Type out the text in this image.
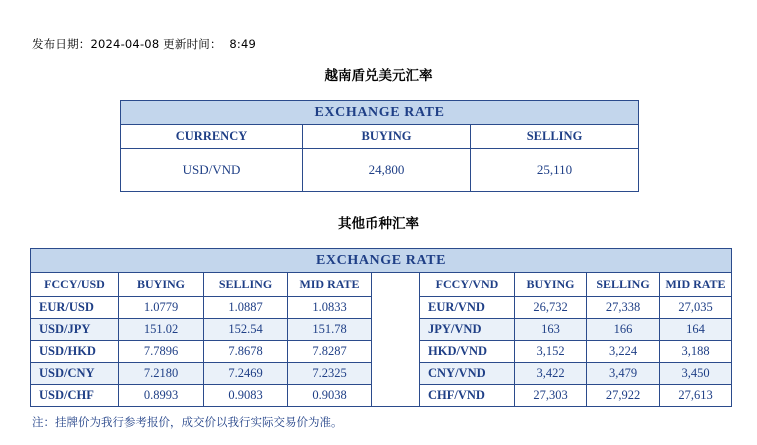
发布日期：2024-04-08 更新时间：  8:49
越南盾兑美元汇率
EXCHANGE RATE		
CURRENCY	BUYING	SELLING
USD/VND	24,800	25,110
其他币种汇率
EXCHANGE RATE								
FCCY/USD	BUYING	SELLING	MID RATE		FCCY/VND	BUYING	SELLING	MID RATE
EUR/USD	1.0779	1.0887	1.0833		EUR/VND	26,732	27,338	27,035
USD/JPY	151.02	152.54	151.78		JPY/VND	163	166	164
USD/HKD	7.7896	7.8678	7.8287		HKD/VND	3,152	3,224	3,188
USD/CNY	7.2180	7.2469	7.2325		CNY/VND	3,422	3,479	3,450
USD/CHF	0.8993	0.9083	0.9038		CHF/VND	27,303	27,922	27,613
注：挂牌价为我行参考报价，成交价以我行实际交易价为准。
